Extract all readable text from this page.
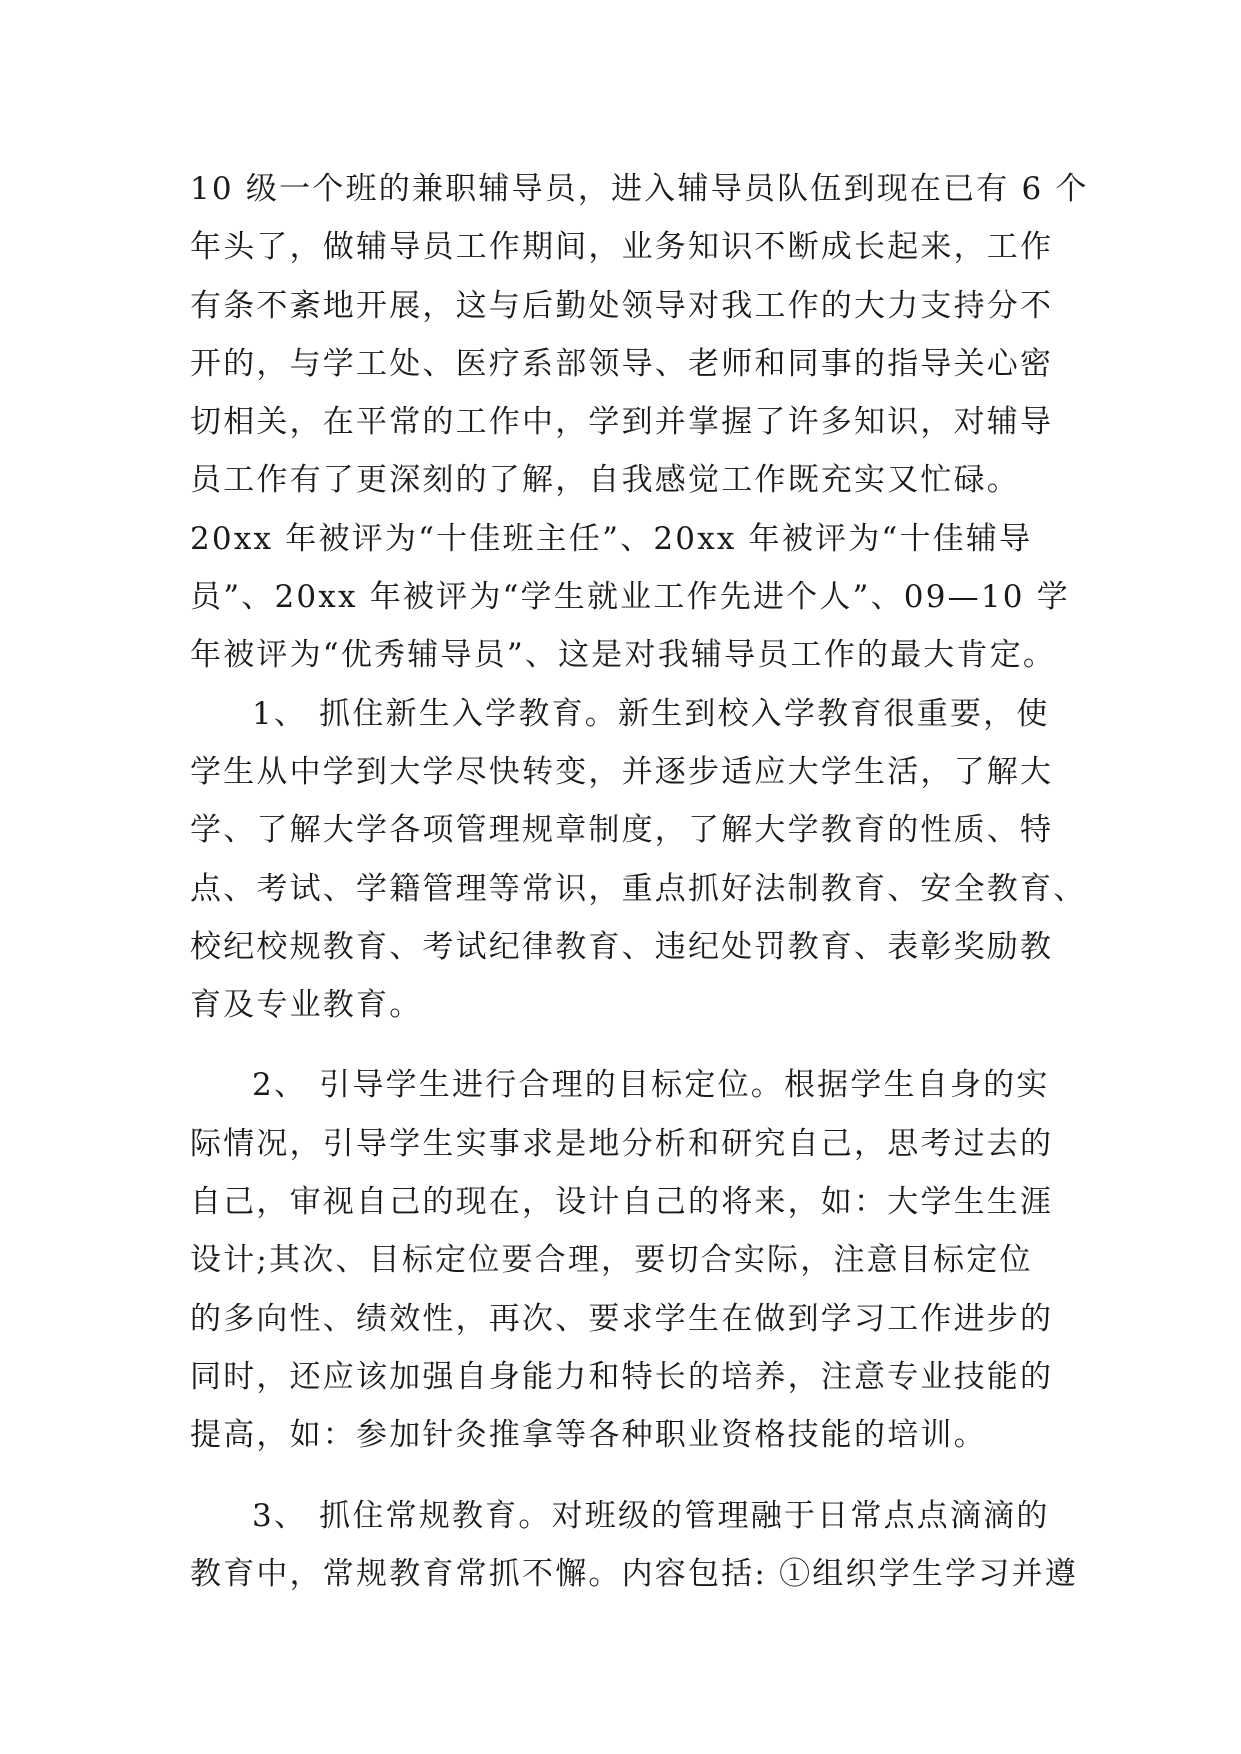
10 级一个班的兼职辅导员，进入辅导员队伍到现在已有 6 个
年头了，做辅导员工作期间，业务知识不断成长起来，工作
有条不紊地开展，这与后勤处领导对我工作的大力支持分不
开的，与学工处、医疗系部领导、老师和同事的指导关心密
切相关，在平常的工作中，学到并掌握了许多知识，对辅导
员工作有了更深刻的了解，自我感觉工作既充实又忙碌。
20xx 年被评为“十佳班主任”、20xx 年被评为“十佳辅导
员”、20xx 年被评为“学生就业工作先进个人”、09—10 学
年被评为“优秀辅导员”、这是对我辅导员工作的最大肯定。
1、 抓住新生入学教育。新生到校入学教育很重要，使
学生从中学到大学尽快转变，并逐步适应大学生活，了解大
学、了解大学各项管理规章制度，了解大学教育的性质、特
点、考试、学籍管理等常识，重点抓好法制教育、安全教育、
校纪校规教育、考试纪律教育、违纪处罚教育、表彰奖励教
育及专业教育。
2、 引导学生进行合理的目标定位。根据学生自身的实
际情况，引导学生实事求是地分析和研究自己，思考过去的
自己，审视自己的现在，设计自己的将来，如：大学生生涯
设计;其次、目标定位要合理，要切合实际，注意目标定位
的多向性、绩效性，再次、要求学生在做到学习工作进步的
同时，还应该加强自身能力和特长的培养，注意专业技能的
提高，如：参加针灸推拿等各种职业资格技能的培训。
3、 抓住常规教育。对班级的管理融于日常点点滴滴的
教育中，常规教育常抓不懈。内容包括: ①组织学生学习并遵
